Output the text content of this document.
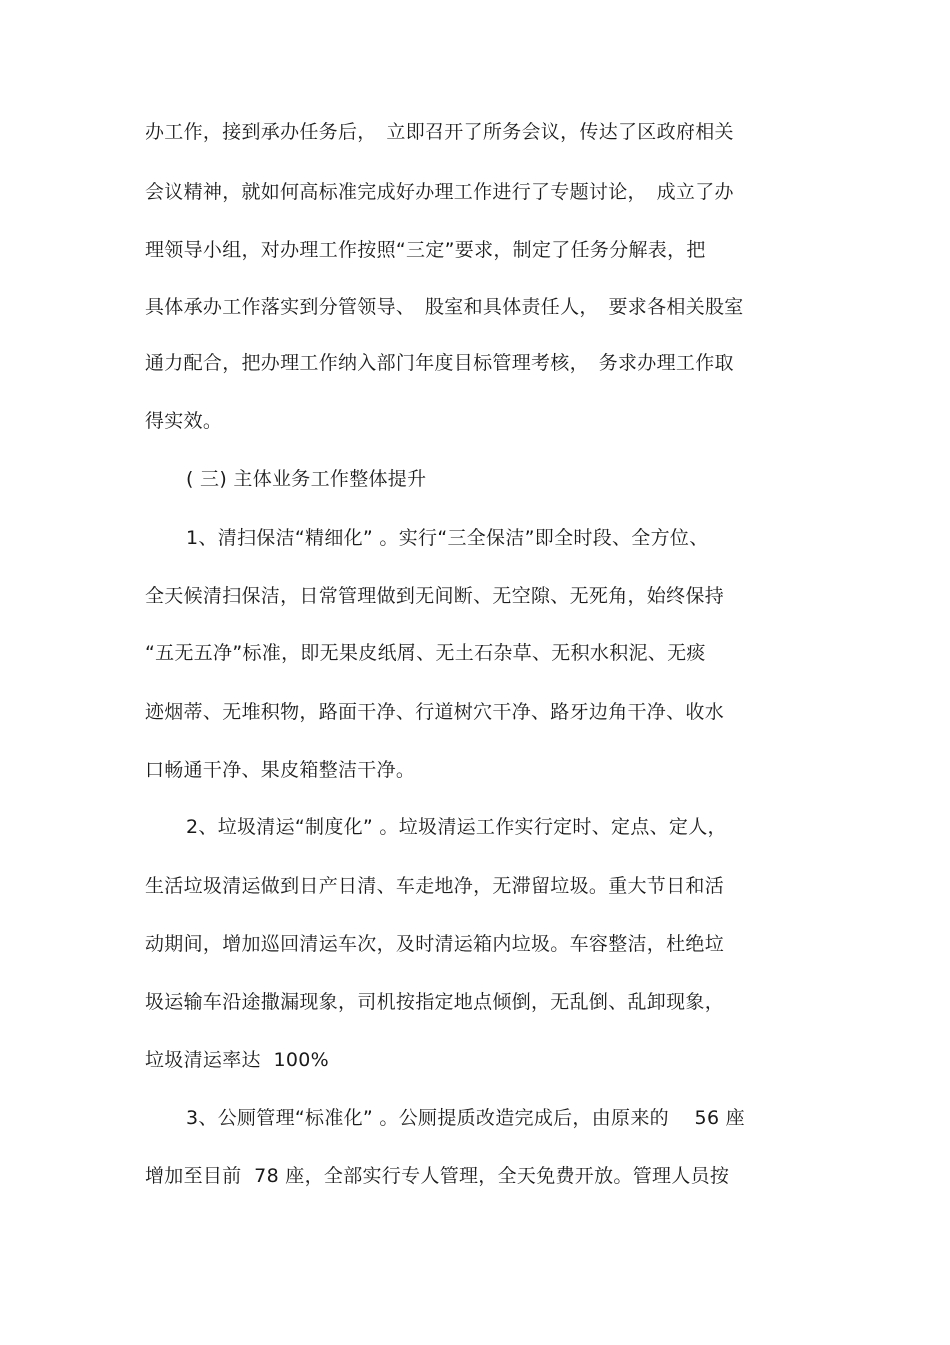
办工作，接到承办任务后，　立即召开了所务会议，传达了区政府相关
会议精神，就如何高标准完成好办理工作进行了专题讨论，　成立了办
理领导小组，对办理工作按照“三定”要求，制定了任务分解表，把
具体承办工作落实到分管领导、　股室和具体责任人，　要求各相关股室
通力配合，把办理工作纳入部门年度目标管理考核，　务求办理工作取
得实效。
( 三) 主体业务工作整体提升
1、清扫保洁“精细化” 。实行“三全保洁”即全时段、全方位、
全天候清扫保洁，日常管理做到无间断、无空隙、无死角，始终保持
“五无五净”标准，即无果皮纸屑、无土石杂草、无积水积泥、无痰
迹烟蒂、无堆积物，路面干净、行道树穴干净、路牙边角干净、收水
口畅通干净、果皮箱整洁干净。
2、垃圾清运“制度化” 。垃圾清运工作实行定时、定点、定人，
生活垃圾清运做到日产日清、车走地净，无滞留垃圾。重大节日和活
动期间，增加巡回清运车次，及时清运箱内垃圾。车容整洁，杜绝垃
圾运输车沿途撒漏现象，司机按指定地点倾倒，无乱倒、乱卸现象，
垃圾清运率达  100%
3、公厕管理“标准化” 。公厕提质改造完成后，由原来的　 56 座
增加至目前  78 座，全部实行专人管理，全天免费开放。管理人员按
